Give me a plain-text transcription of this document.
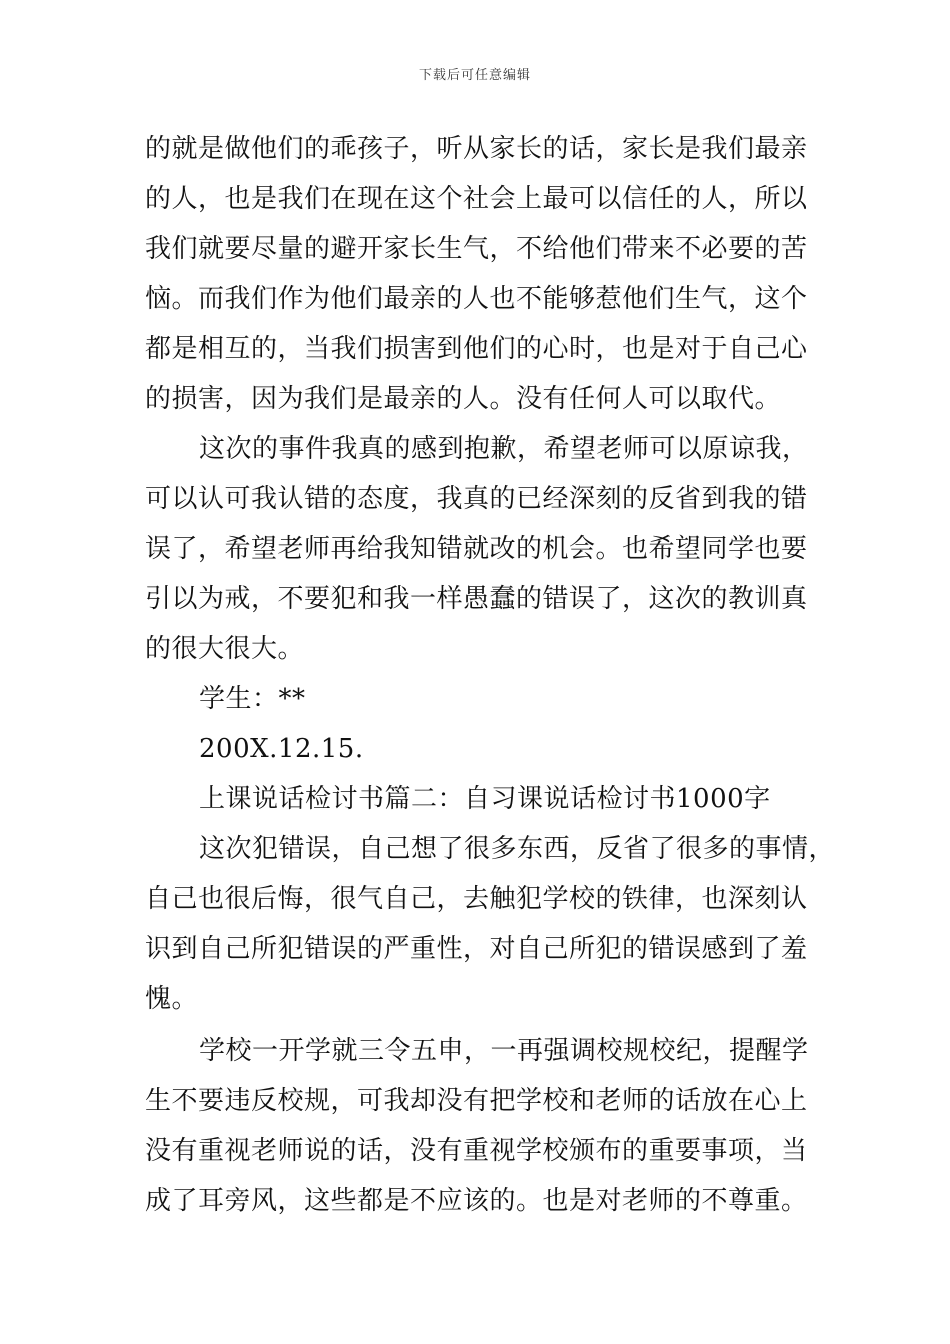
下载后可任意编辑
的就是做他们的乖孩子，听从家长的话，家长是我们最亲
的人，也是我们在现在这个社会上最可以信任的人，所以
我们就要尽量的避开家长生气，不给他们带来不必要的苦
恼。而我们作为他们最亲的人也不能够惹他们生气，这个
都是相互的，当我们损害到他们的心时，也是对于自己心
的损害，因为我们是最亲的人。没有任何人可以取代。
这次的事件我真的感到抱歉，希望老师可以原谅我，
可以认可我认错的态度，我真的已经深刻的反省到我的错
误了，希望老师再给我知错就改的机会。也希望同学也要
引以为戒，不要犯和我一样愚蠢的错误了，这次的教训真
的很大很大。
学生：**
200X.12.15.
上课说话检讨书篇二：自习课说话检讨书1000字
这次犯错误，自己想了很多东西，反省了很多的事情，
自己也很后悔，很气自己，去触犯学校的铁律，也深刻认
识到自己所犯错误的严重性，对自己所犯的错误感到了羞
愧。
学校一开学就三令五申，一再强调校规校纪，提醒学
生不要违反校规，可我却没有把学校和老师的话放在心上
没有重视老师说的话，没有重视学校颁布的重要事项，当
成了耳旁风，这些都是不应该的。也是对老师的不尊重。
